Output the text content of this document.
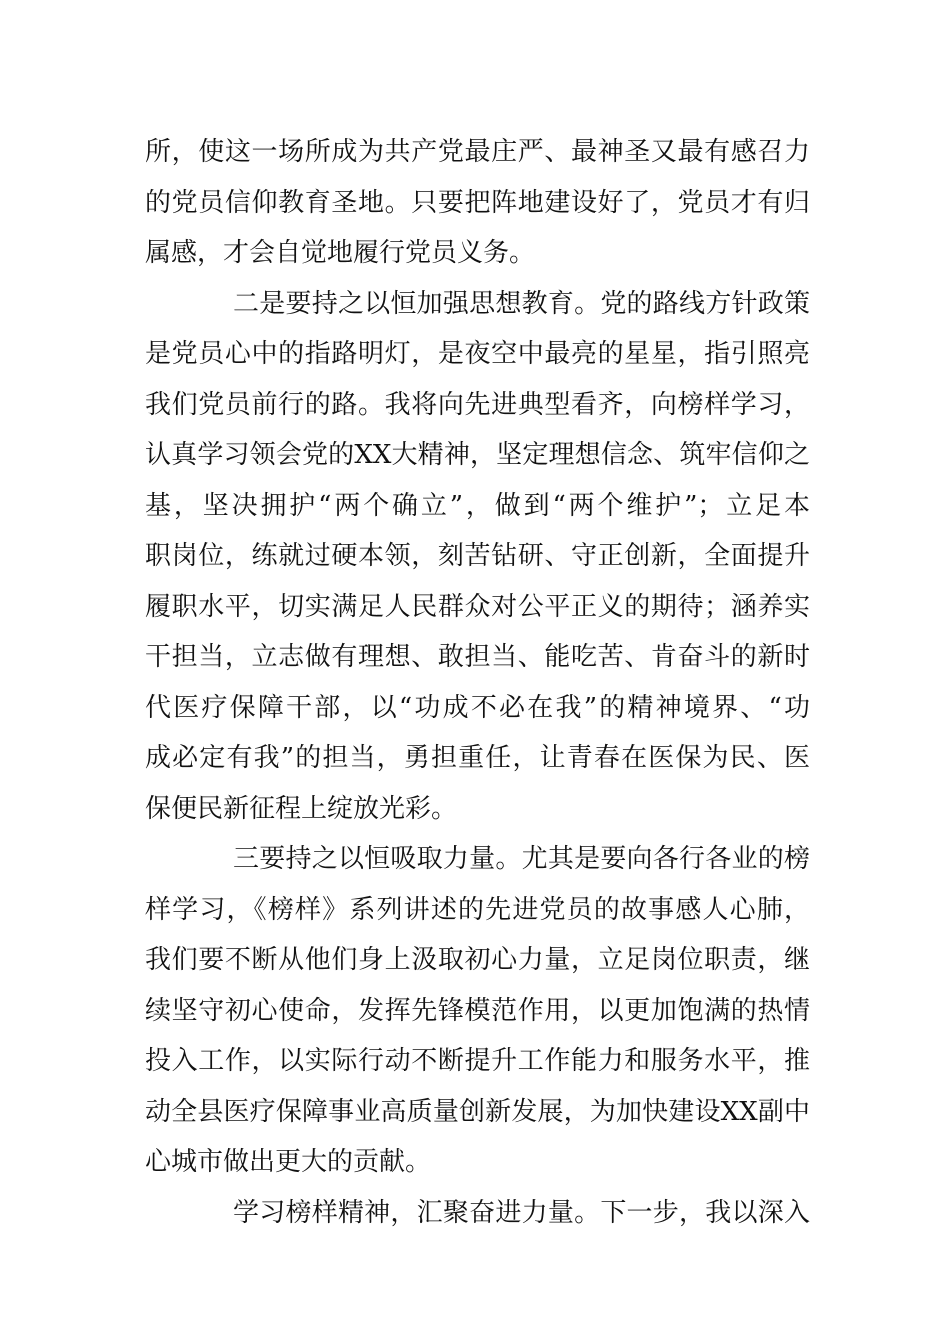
所，使这一场所成为共产党最庄严、最神圣又最有感召力
的党员信仰教育圣地。只要把阵地建设好了，党员才有归
属感，才会自觉地履行党员义务。
二是要持之以恒加强思想教育。党的路线方针政策
是党员心中的指路明灯，是夜空中最亮的星星，指引照亮
我们党员前行的路。我将向先进典型看齐，向榜样学习，
认真学习领会党的XX大精神，坚定理想信念、筑牢信仰之
基，坚决拥护“两个确立”，做到“两个维护”；立足本
职岗位，练就过硬本领，刻苦钻研、守正创新，全面提升
履职水平，切实满足人民群众对公平正义的期待；涵养实
干担当，立志做有理想、敢担当、能吃苦、肯奋斗的新时
代医疗保障干部，以“功成不必在我”的精神境界、“功
成必定有我”的担当，勇担重任，让青春在医保为民、医
保便民新征程上绽放光彩。
三要持之以恒吸取力量。尤其是要向各行各业的榜
样学习，《榜样》系列讲述的先进党员的故事感人心肺，
我们要不断从他们身上汲取初心力量，立足岗位职责，继
续坚守初心使命，发挥先锋模范作用，以更加饱满的热情
投入工作，以实际行动不断提升工作能力和服务水平，推
动全县医疗保障事业高质量创新发展，为加快建设XX副中
心城市做出更大的贡献。
学习榜样精神，汇聚奋进力量。下一步，我以深入
